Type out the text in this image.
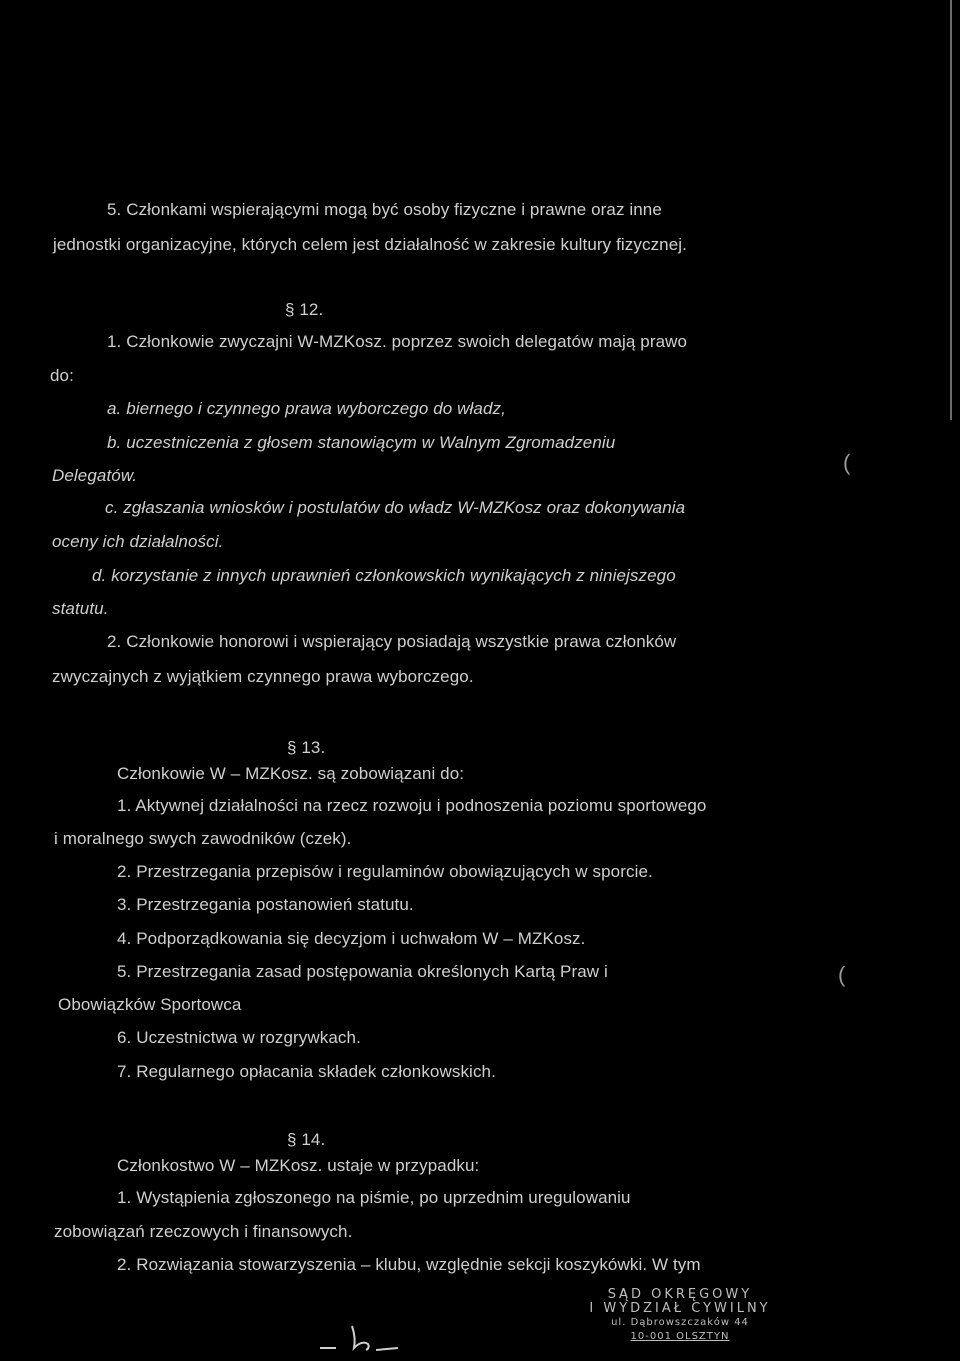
5. Członkami wspierającymi mogą być osoby fizyczne i prawne oraz inne
jednostki organizacyjne, których celem jest działalność w zakresie kultury fizycznej.
§ 12.
1. Członkowie zwyczajni W-MZKosz. poprzez swoich delegatów mają prawo
do:
a. biernego i czynnego prawa wyborczego do władz,
b. uczestniczenia z głosem stanowiącym w Walnym Zgromadzeniu
Delegatów.
c. zgłaszania wniosków i postulatów do władz W-MZKosz oraz dokonywania
oceny ich działalności.
d. korzystanie z innych uprawnień członkowskich wynikających z niniejszego
statutu.
2. Członkowie honorowi i wspierający posiadają wszystkie prawa członków
zwyczajnych z wyjątkiem czynnego prawa wyborczego.
§ 13.
Członkowie W – MZKosz. są zobowiązani do:
1. Aktywnej działalności na rzecz rozwoju i podnoszenia poziomu sportowego
i moralnego swych zawodników (czek).
2. Przestrzegania przepisów i regulaminów obowiązujących w sporcie.
3. Przestrzegania postanowień statutu.
4. Podporządkowania się decyzjom i uchwałom W – MZKosz.
5. Przestrzegania zasad postępowania określonych Kartą Praw i
Obowiązków Sportowca
6. Uczestnictwa w rozgrywkach.
7. Regularnego opłacania składek członkowskich.
§ 14.
Członkostwo W – MZKosz. ustaje w przypadku:
1. Wystąpienia zgłoszonego na piśmie, po uprzednim uregulowaniu
zobowiązań rzeczowych i finansowych.
2. Rozwiązania stowarzyszenia – klubu, względnie sekcji koszykówki. W tym
(
(
SĄD OKRĘGOWY
I WYDZIAŁ CYWILNY
ul. Dąbrowszczaków 44
10-001 OLSZTYN
